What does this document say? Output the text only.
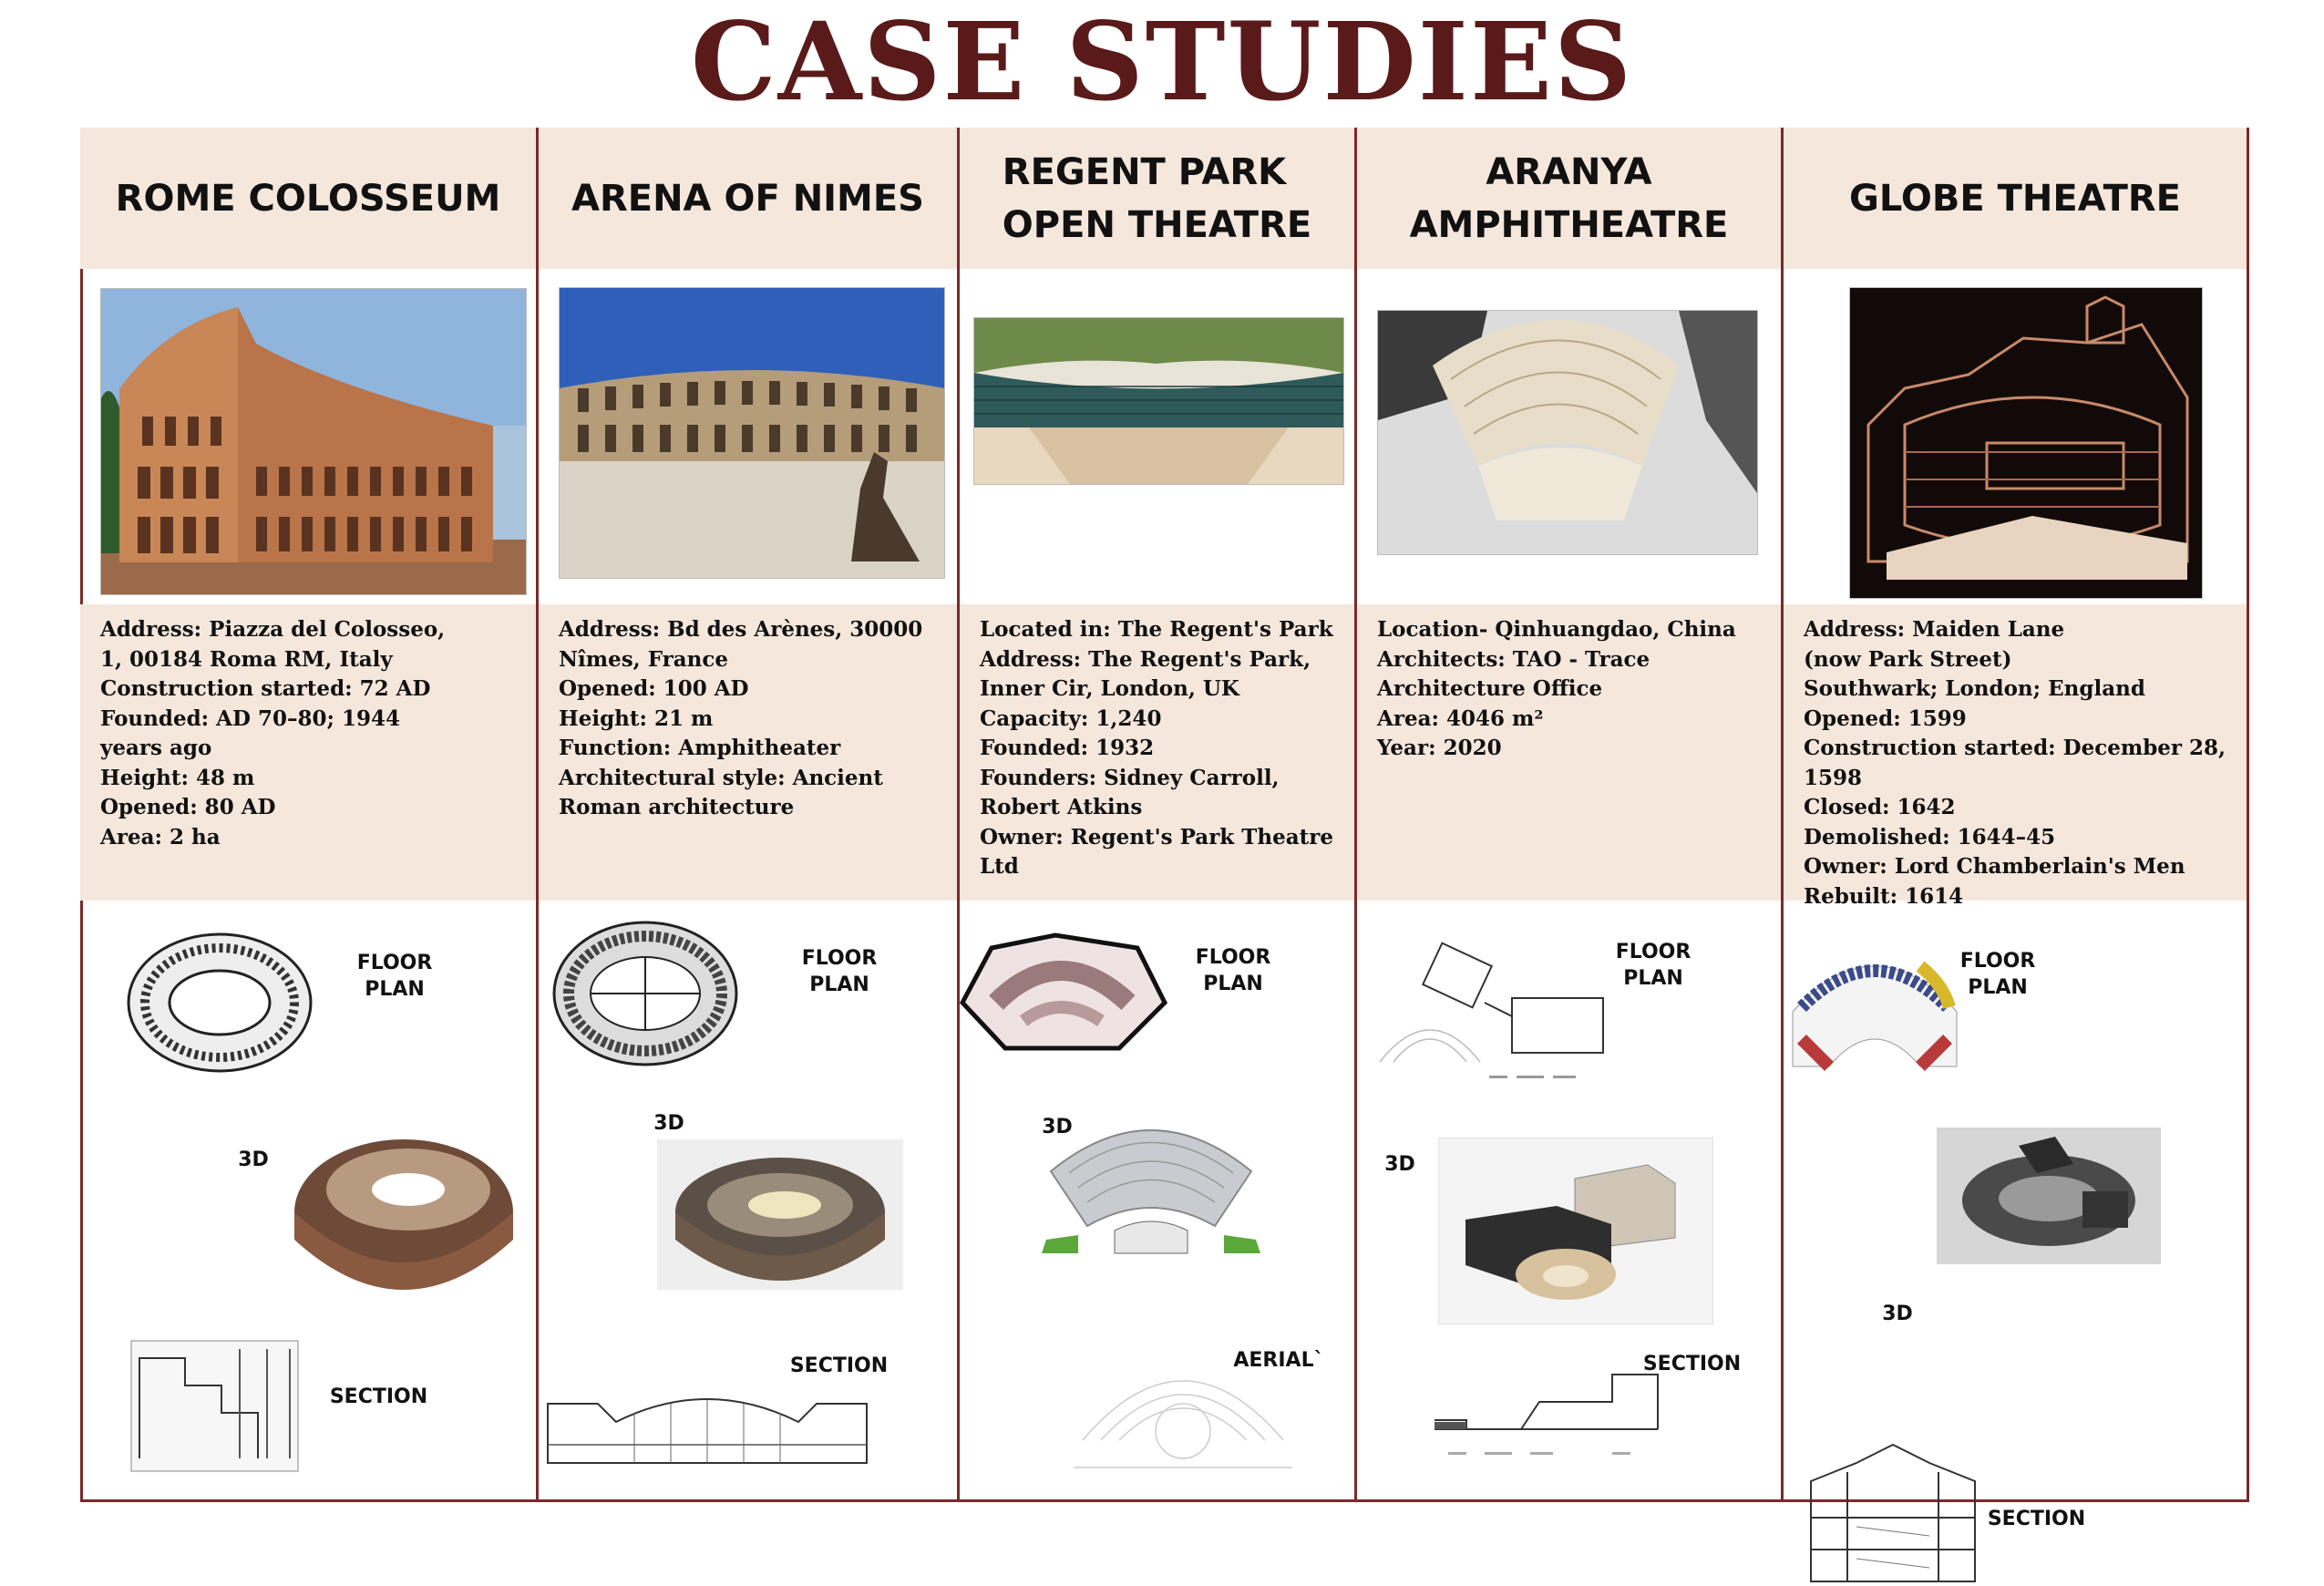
CASE STUDIES
ROME COLOSSEUM
Address: Piazza del Colosseo,
1, 00184 Roma RM, Italy
Construction started: 72 AD
Founded: AD 70–80; 1944
years ago
Height: 48 m
Opened: 80 AD
Area: 2 ha
FLOOR
PLAN
3D
SECTION
ARENA OF NIMES
Address: Bd des Arènes, 30000
Nîmes, France
Opened: 100 AD
Height: 21 m
Function: Amphitheater
Architectural style: Ancient
Roman architecture
FLOOR
PLAN
3D
SECTION
REGENT PARK
OPEN THEATRE
Located in: The Regent's Park
Address: The Regent's Park,
Inner Cir, London, UK
Capacity: 1,240
Founded: 1932
Founders: Sidney Carroll,
Robert Atkins
Owner: Regent's Park Theatre
Ltd
FLOOR
PLAN
3D
AERIAL`
ARANYA
AMPHITHEATRE
Location- Qinhuangdao, China
Architects: TAO - Trace
Architecture Office
Area: 4046 m²
Year: 2020
FLOOR
PLAN
3D
SECTION
GLOBE THEATRE
Address: Maiden Lane
(now Park Street)
Southwark; London; England
Opened: 1599
Construction started: December 28,
1598
Closed: 1642
Demolished: 1644–45
Owner: Lord Chamberlain's Men
Rebuilt: 1614
FLOOR
PLAN
3D
SECTION
